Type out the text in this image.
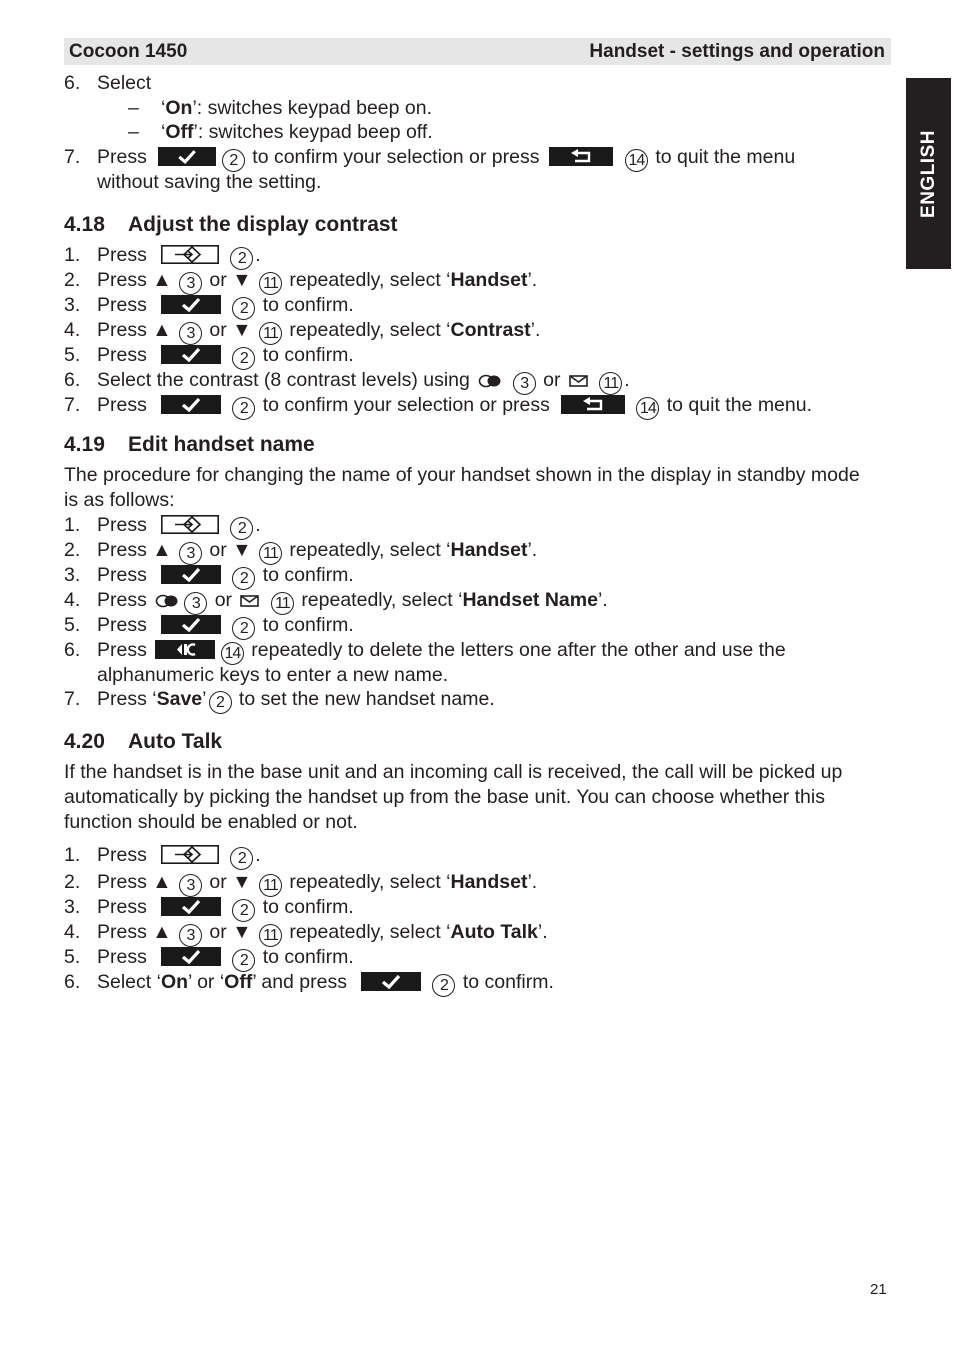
Cocoon 1450	Handset - settings and operation
ENGLISH
6. Select
– ‘On’: switches keypad beep on.
– ‘Off’: switches keypad beep off.
7. Press	2 to confirm your selection or press	14 to quit the menu
without saving the setting.
4.18 Adjust the display contrast
1. Press	2 .
2. Press ▲ 3 or ▼ 11 repeatedly, select ‘Handset’.
3. Press	2 to confirm.
4. Press ▲ 3 or ▼ 11 repeatedly, select ‘Contrast’.
5. Press	2 to confirm.
6. Select the contrast (8 contrast levels) using	3 or	11 .
7. Press	2 to confirm your selection or press	14 to quit the menu.
4.19 Edit handset name
The procedure for changing the name of your handset shown in the display in standby mode
is as follows:
1. Press	2 .
2. Press ▲ 3 or ▼ 11 repeatedly, select ‘Handset’.
3. Press	2 to confirm.
4. Press	3 or	11 repeatedly, select ‘Handset Name’.
5. Press	2 to confirm.
6. Press	14 repeatedly to delete the letters one after the other and use the
alphanumeric keys to enter a new name.
7. Press ‘Save’ 2 to set the new handset name.
4.20 Auto Talk
If the handset is in the base unit and an incoming call is received, the call will be picked up
automatically by picking the handset up from the base unit. You can choose whether this
function should be enabled or not.
1. Press	2 .
2. Press ▲ 3 or ▼ 11 repeatedly, select ‘Handset’.
3. Press	2 to confirm.
4. Press ▲ 3 or ▼ 11 repeatedly, select ‘Auto Talk’.
5. Press	2 to confirm.
6. Select ‘On’ or ‘Off’ and press	2 to confirm.
21
